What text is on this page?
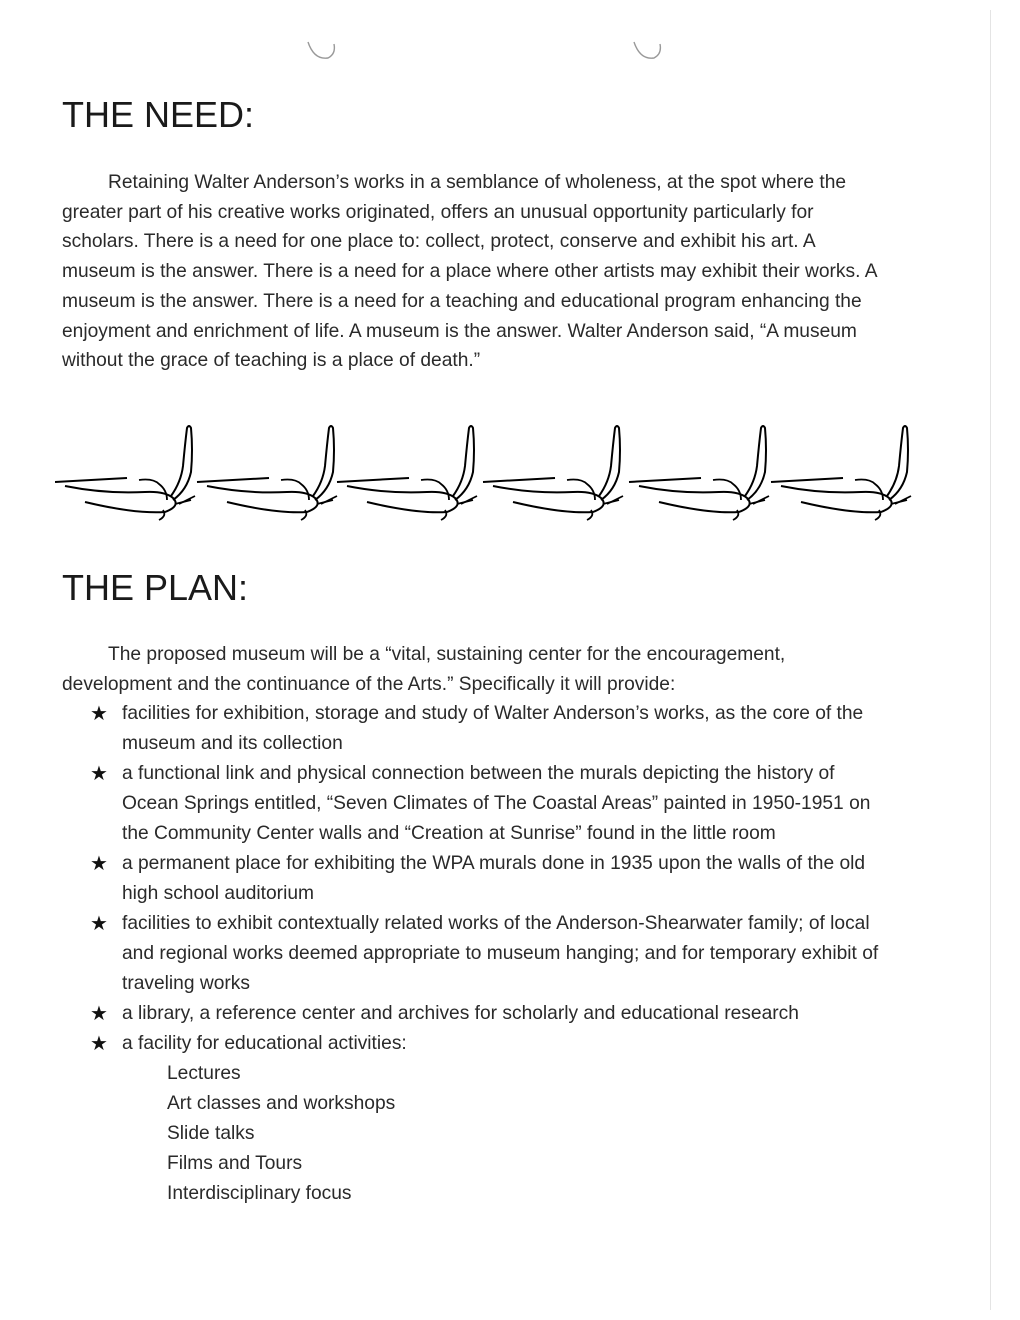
THE NEED:

Retaining Walter Anderson’s works in a semblance of wholeness, at the spot where the greater part of his creative works originated, offers an unusual opportunity particularly for scholars. There is a need for one place to: collect, protect, conserve and exhibit his art. A museum is the answer. There is a need for a place where other artists may exhibit their works. A museum is the answer. There is a need for a teaching and educational program enhancing the enjoyment and enrichment of life. A museum is the answer. Walter Anderson said, “A museum without the grace of teaching is a place of death.”

THE PLAN:

The proposed museum will be a “vital, sustaining center for the encouragement, development and the continuance of the Arts.” Specifically it will provide:

★ facilities for exhibition, storage and study of Walter Anderson’s works, as the core of the museum and its collection
★ a functional link and physical connection between the murals depicting the history of Ocean Springs entitled, “Seven Climates of The Coastal Areas” painted in 1950-1951 on the Community Center walls and “Creation at Sunrise” found in the little room
★ a permanent place for exhibiting the WPA murals done in 1935 upon the walls of the old high school auditorium
★ facilities to exhibit contextually related works of the Anderson-Shearwater family; of local and regional works deemed appropriate to museum hanging; and for temporary exhibit of traveling works
★ a library, a reference center and archives for scholarly and educational research
★ a facility for educational activities:
Lectures
Art classes and workshops
Slide talks
Films and Tours
Interdisciplinary focus
